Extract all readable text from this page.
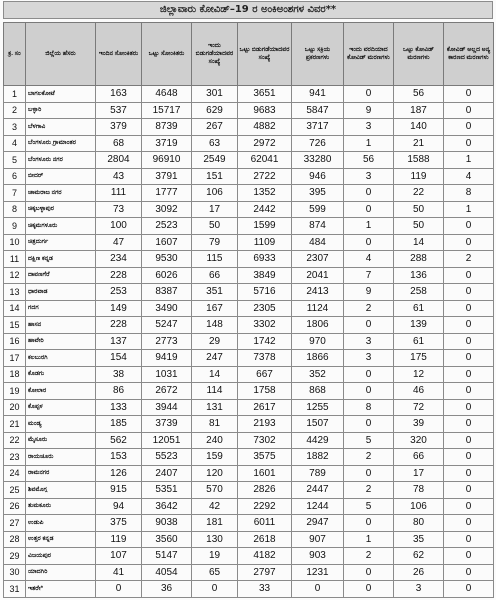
ಜಿಲ್ಲಾವಾರು ಕೋವಿಡ್–19 ರ ಅಂಕಿಅಂಶಗಳ ವಿವರ**
ಕ್ರ. ಸಂ	ಜಿಲ್ಲೆಯ ಹೆಸರು	ಇಂದಿನ ಸೋಂಕಿತರು	ಒಟ್ಟು ಸೋಂಕಿತರು	ಇಂದು ಬಿಡುಗಡೆಯಾದವರ ಸಂಖ್ಯೆ	ಒಟ್ಟು ಬಿಡುಗಡೆಯಾದವರ ಸಂಖ್ಯೆ	ಒಟ್ಟು ಸಕ್ರಿಯ ಪ್ರಕರಣಗಳು	ಇಂದು ವರದಿಯಾದ ಕೋವಿಡ್ ಮರಣಗಳು	ಒಟ್ಟು ಕೋವಿಡ್ ಮರಣಗಳು	ಕೋವಿಡ್ ಅಲ್ಲದ ಅನ್ಯ ಕಾರಣದ ಮರಣಗಳು
1	ಬಾಗಲಕೋಟೆ	163	4648	301	3651	941	0	56	0
2	ಬಳ್ಳಾರಿ	537	15717	629	9683	5847	9	187	0
3	ಬೆಳಗಾವಿ	379	8739	267	4882	3717	3	140	0
4	ಬೆಂಗಳೂರು ಗ್ರಾಮಾಂತರ	68	3719	63	2972	726	1	21	0
5	ಬೆಂಗಳೂರು ನಗರ	2804	96910	2549	62041	33280	56	1588	1
6	ಬೀದರ್	43	3791	151	2722	946	3	119	4
7	ಚಾಮರಾಜ ನಗರ	111	1777	106	1352	395	0	22	8
8	ಚಿಕ್ಕಬಳ್ಳಾಪುರ	73	3092	17	2442	599	0	50	1
9	ಚಿಕ್ಕಮಗಳೂರು	100	2523	50	1599	874	1	50	0
10	ಚಿತ್ರದುರ್ಗ	47	1607	79	1109	484	0	14	0
11	ದಕ್ಷಿಣ ಕನ್ನಡ	234	9530	115	6933	2307	4	288	2
12	ದಾವಣಗೆರೆ	228	6026	66	3849	2041	7	136	0
13	ಧಾರವಾಡ	253	8387	351	5716	2413	9	258	0
14	ಗದಗ	149	3490	167	2305	1124	2	61	0
15	ಹಾಸನ	228	5247	148	3302	1806	0	139	0
16	ಹಾವೇರಿ	137	2773	29	1742	970	3	61	0
17	ಕಲಬುರಗಿ	154	9419	247	7378	1866	3	175	0
18	ಕೊಡಗು	38	1031	14	667	352	0	12	0
19	ಕೋಲಾರ	86	2672	114	1758	868	0	46	0
20	ಕೊಪ್ಪಳ	133	3944	131	2617	1255	8	72	0
21	ಮಂಡ್ಯ	185	3739	81	2193	1507	0	39	0
22	ಮೈಸೂರು	562	12051	240	7302	4429	5	320	0
23	ರಾಯಚೂರು	153	5523	159	3575	1882	2	66	0
24	ರಾಮನಗರ	126	2407	120	1601	789	0	17	0
25	ಶಿವಮೊಗ್ಗ	915	5351	570	2826	2447	2	78	0
26	ತುಮಕೂರು	94	3642	42	2292	1244	5	106	0
27	ಉಡುಪಿ	375	9038	181	6011	2947	0	80	0
28	ಉತ್ತರ ಕನ್ನಡ	119	3560	130	2618	907	1	35	0
29	ವಿಜಯಪುರ	107	5147	19	4182	903	2	62	0
30	ಯಾದಗಿರಿ	41	4054	65	2797	1231	0	26	0
31	ಇತರೇ*	0	36	0	33	0	0	3	0
